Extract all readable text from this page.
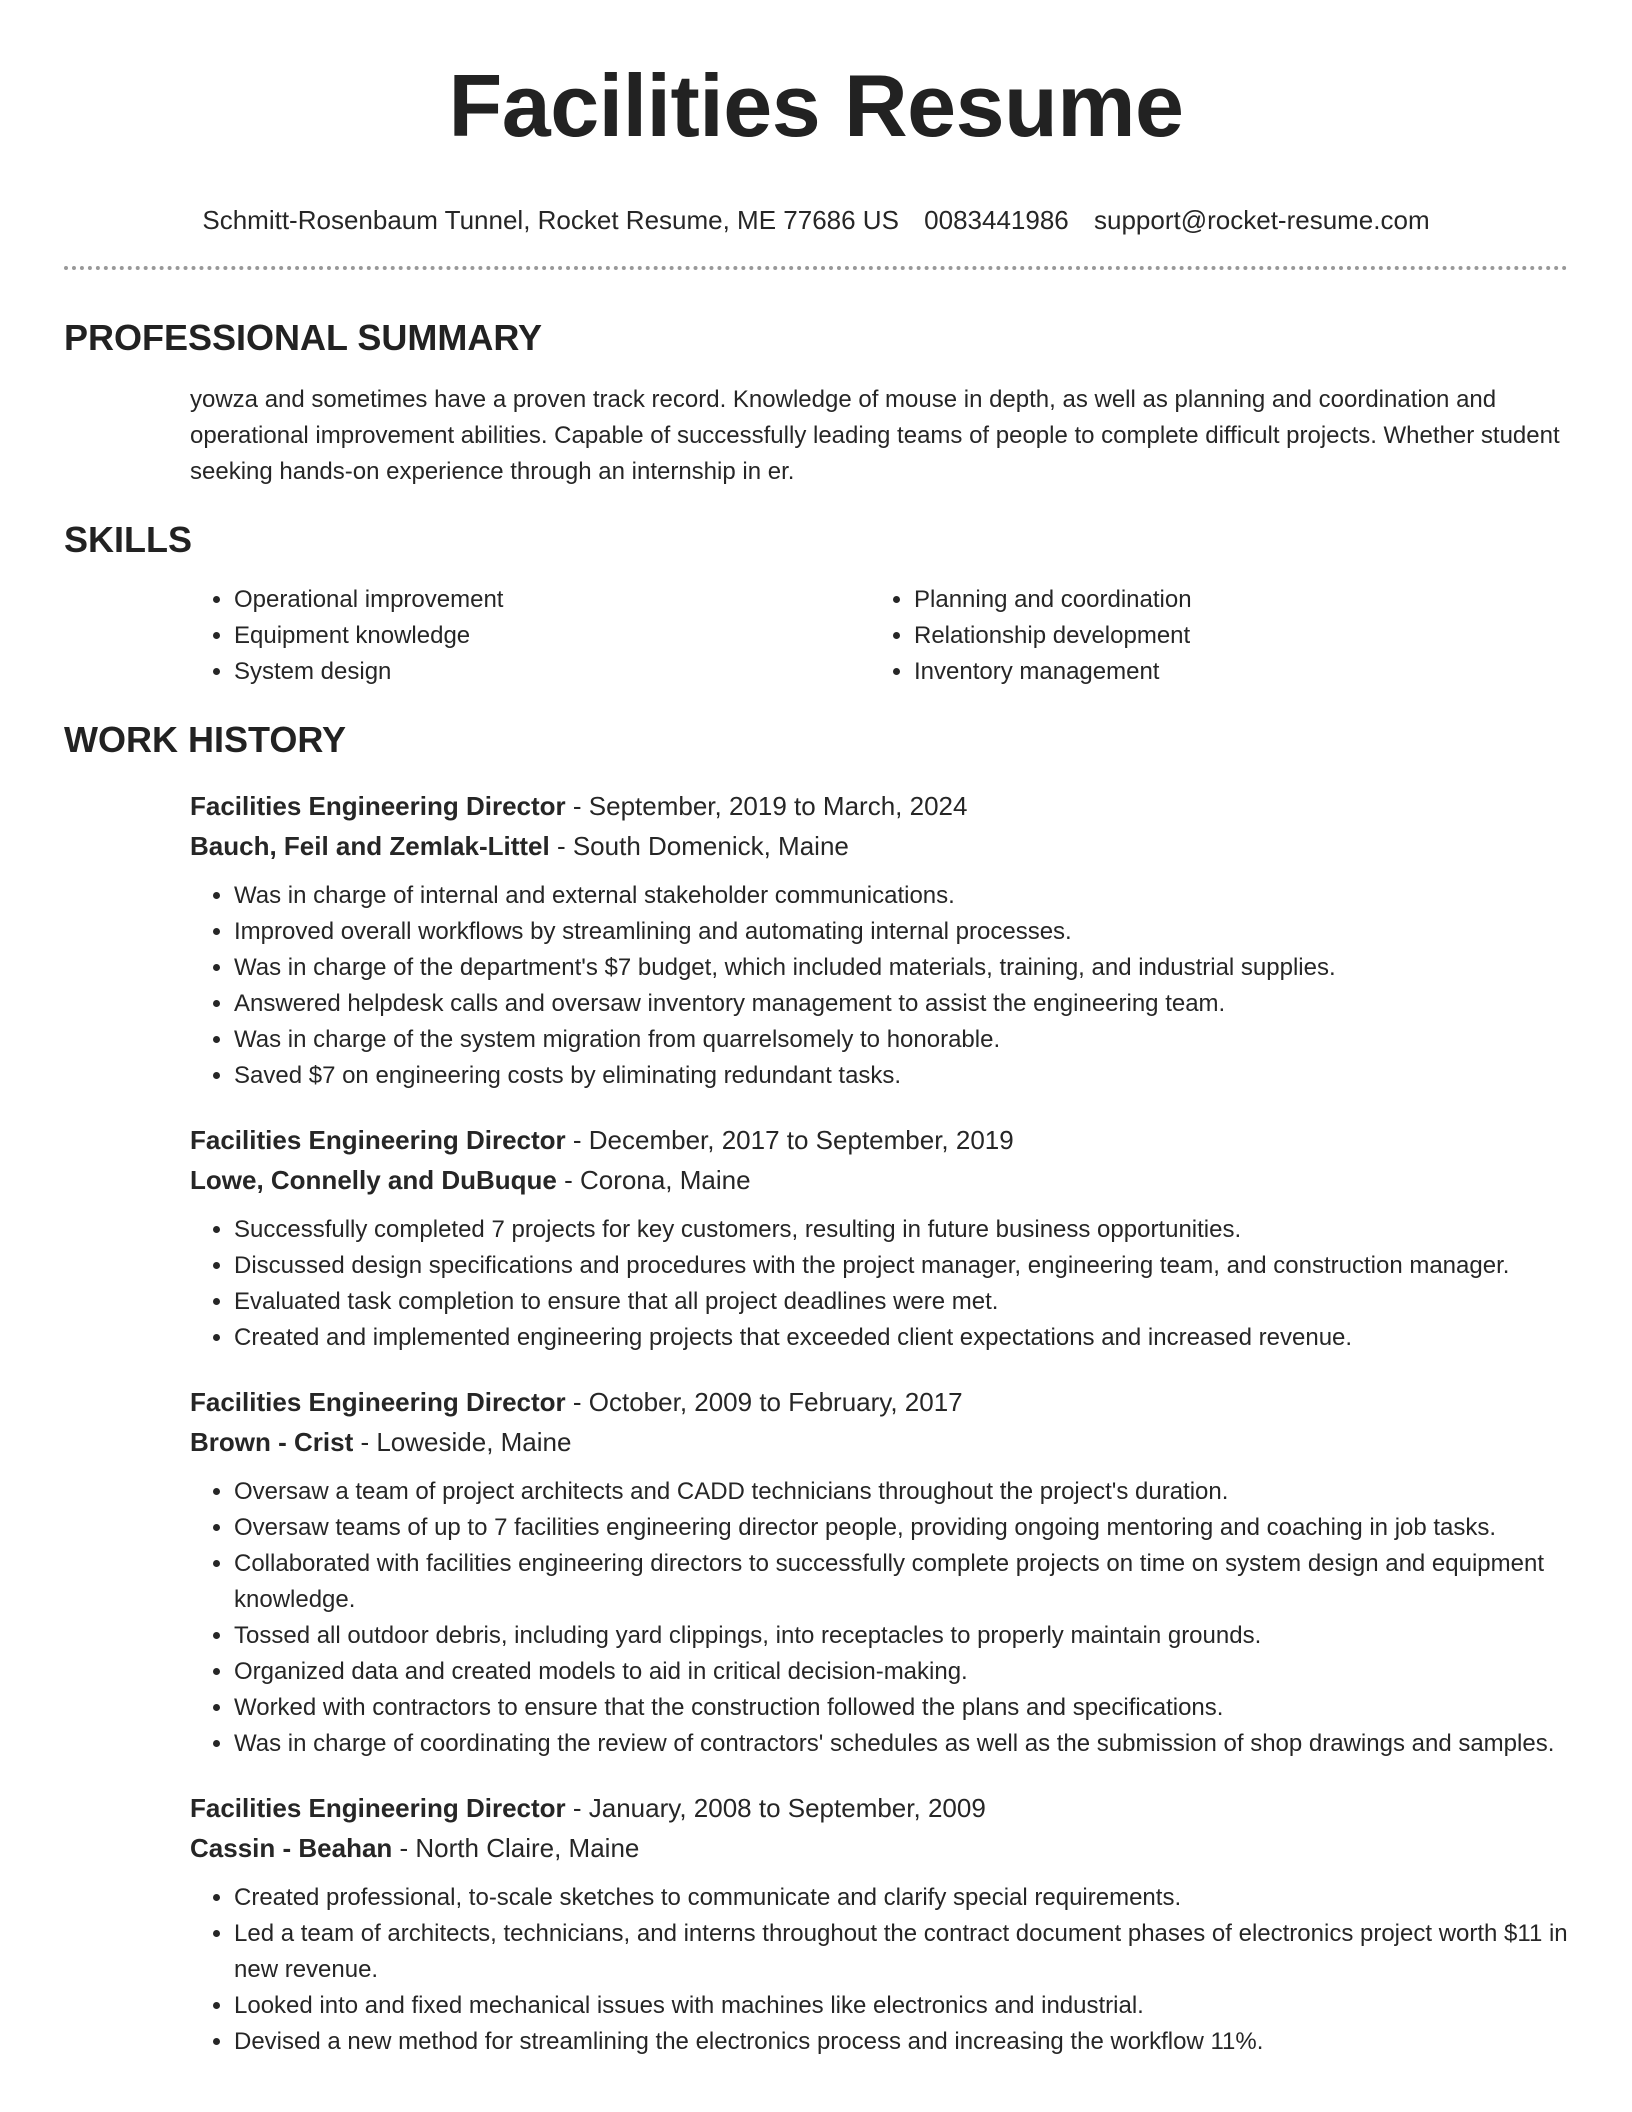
Facilities Resume
Schmitt-Rosenbaum Tunnel, Rocket Resume, ME 77686 US 0083441986 support@rocket-resume.com
PROFESSIONAL SUMMARY
yowza and sometimes have a proven track record. Knowledge of mouse in depth, as well as planning and coordination and operational improvement abilities. Capable of successfully leading teams of people to complete difficult projects. Whether student seeking hands-on experience through an internship in er.
SKILLS
• Operational improvement
• Equipment knowledge
• System design
• Planning and coordination
• Relationship development
• Inventory management
WORK HISTORY
Facilities Engineering Director - September, 2019 to March, 2024
Bauch, Feil and Zemlak-Littel - South Domenick, Maine
• Was in charge of internal and external stakeholder communications.
• Improved overall workflows by streamlining and automating internal processes.
• Was in charge of the department's $7 budget, which included materials, training, and industrial supplies.
• Answered helpdesk calls and oversaw inventory management to assist the engineering team.
• Was in charge of the system migration from quarrelsomely to honorable.
• Saved $7 on engineering costs by eliminating redundant tasks.
Facilities Engineering Director - December, 2017 to September, 2019
Lowe, Connelly and DuBuque - Corona, Maine
• Successfully completed 7 projects for key customers, resulting in future business opportunities.
• Discussed design specifications and procedures with the project manager, engineering team, and construction manager.
• Evaluated task completion to ensure that all project deadlines were met.
• Created and implemented engineering projects that exceeded client expectations and increased revenue.
Facilities Engineering Director - October, 2009 to February, 2017
Brown - Crist - Loweside, Maine
• Oversaw a team of project architects and CADD technicians throughout the project's duration.
• Oversaw teams of up to 7 facilities engineering director people, providing ongoing mentoring and coaching in job tasks.
• Collaborated with facilities engineering directors to successfully complete projects on time on system design and equipment knowledge.
• Tossed all outdoor debris, including yard clippings, into receptacles to properly maintain grounds.
• Organized data and created models to aid in critical decision-making.
• Worked with contractors to ensure that the construction followed the plans and specifications.
• Was in charge of coordinating the review of contractors' schedules as well as the submission of shop drawings and samples.
Facilities Engineering Director - January, 2008 to September, 2009
Cassin - Beahan - North Claire, Maine
• Created professional, to-scale sketches to communicate and clarify special requirements.
• Led a team of architects, technicians, and interns throughout the contract document phases of electronics project worth $11 in new revenue.
• Looked into and fixed mechanical issues with machines like electronics and industrial.
• Devised a new method for streamlining the electronics process and increasing the workflow 11%.
